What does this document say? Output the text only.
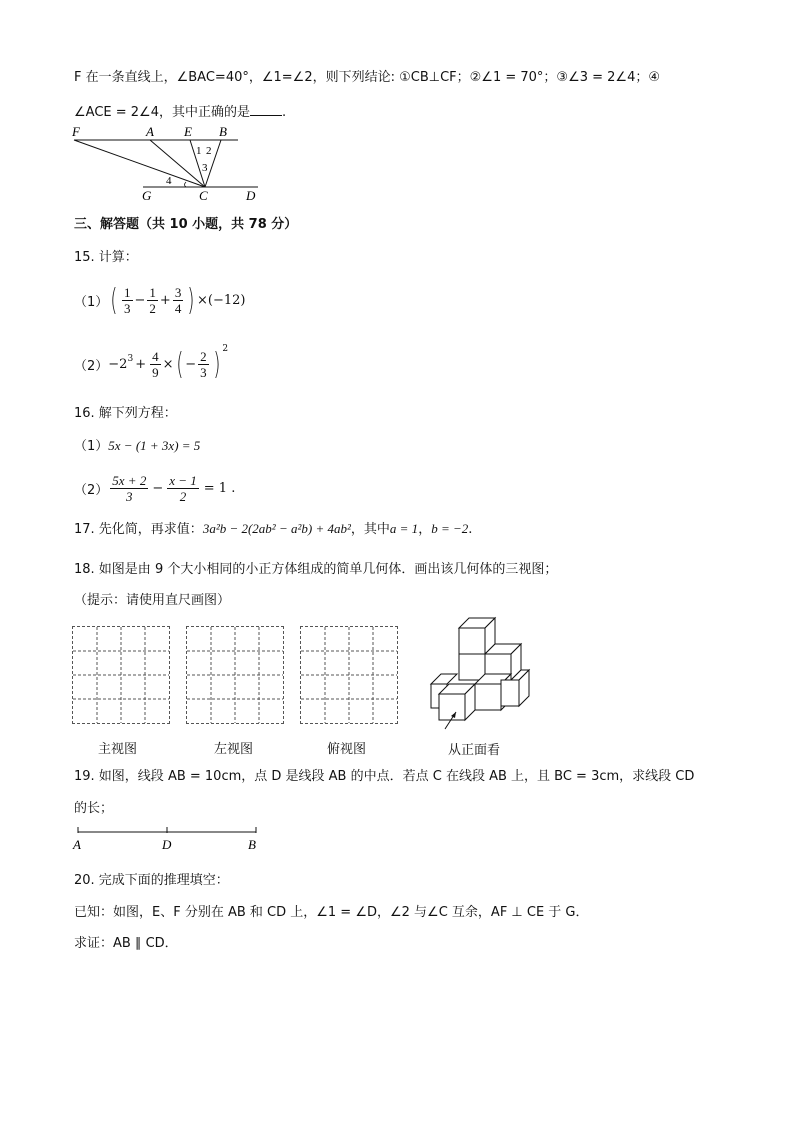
F 在一条直线上，∠BAC=40°，∠1=∠2，则下列结论: ①CB⊥CF；②∠1 = 70°；③∠3 = 2∠4；④
∠ACE = 2∠4，其中正确的是 .
F	A E B
1 2
3
4
G	C	D
三、解答题（共 10 小题，共 78 分）
15. 计算：
（1） ( $\frac{1}{3} - \frac{1}{2} + \frac{3}{4}$ ) ×(−12)
$(2) -2^3 + \frac{4}{9}$ × ( − $\frac{2}{3}$ ) $^2$
16. 解下列方程：
（1）5x − (1 + 3x) = 5
$(2) \frac{5x + 2}{3} - \frac{x - 1}{2} = 1$ .
17. 先化简，再求值：3a²b − 2(2ab² − a²b) + 4ab²，其中a = 1，b = −2.
18. 如图是由 9 个大小相同的小正方体组成的简单几何体．画出该几何体的三视图；
（提示：请使用直尺画图）
主视图	左视图	俯视图	从正面看
19. 如图，线段 AB = 10cm，点 D 是线段 AB 的中点．若点 C 在线段 AB 上，且 BC = 3cm，求线段 CD
的长；
A	D	B
20. 完成下面的推理填空：
已知：如图，E、F 分别在 AB 和 CD 上，∠1 = ∠D，∠2 与∠C 互余，AF ⊥ CE 于 G．
求证：AB ∥ CD．
